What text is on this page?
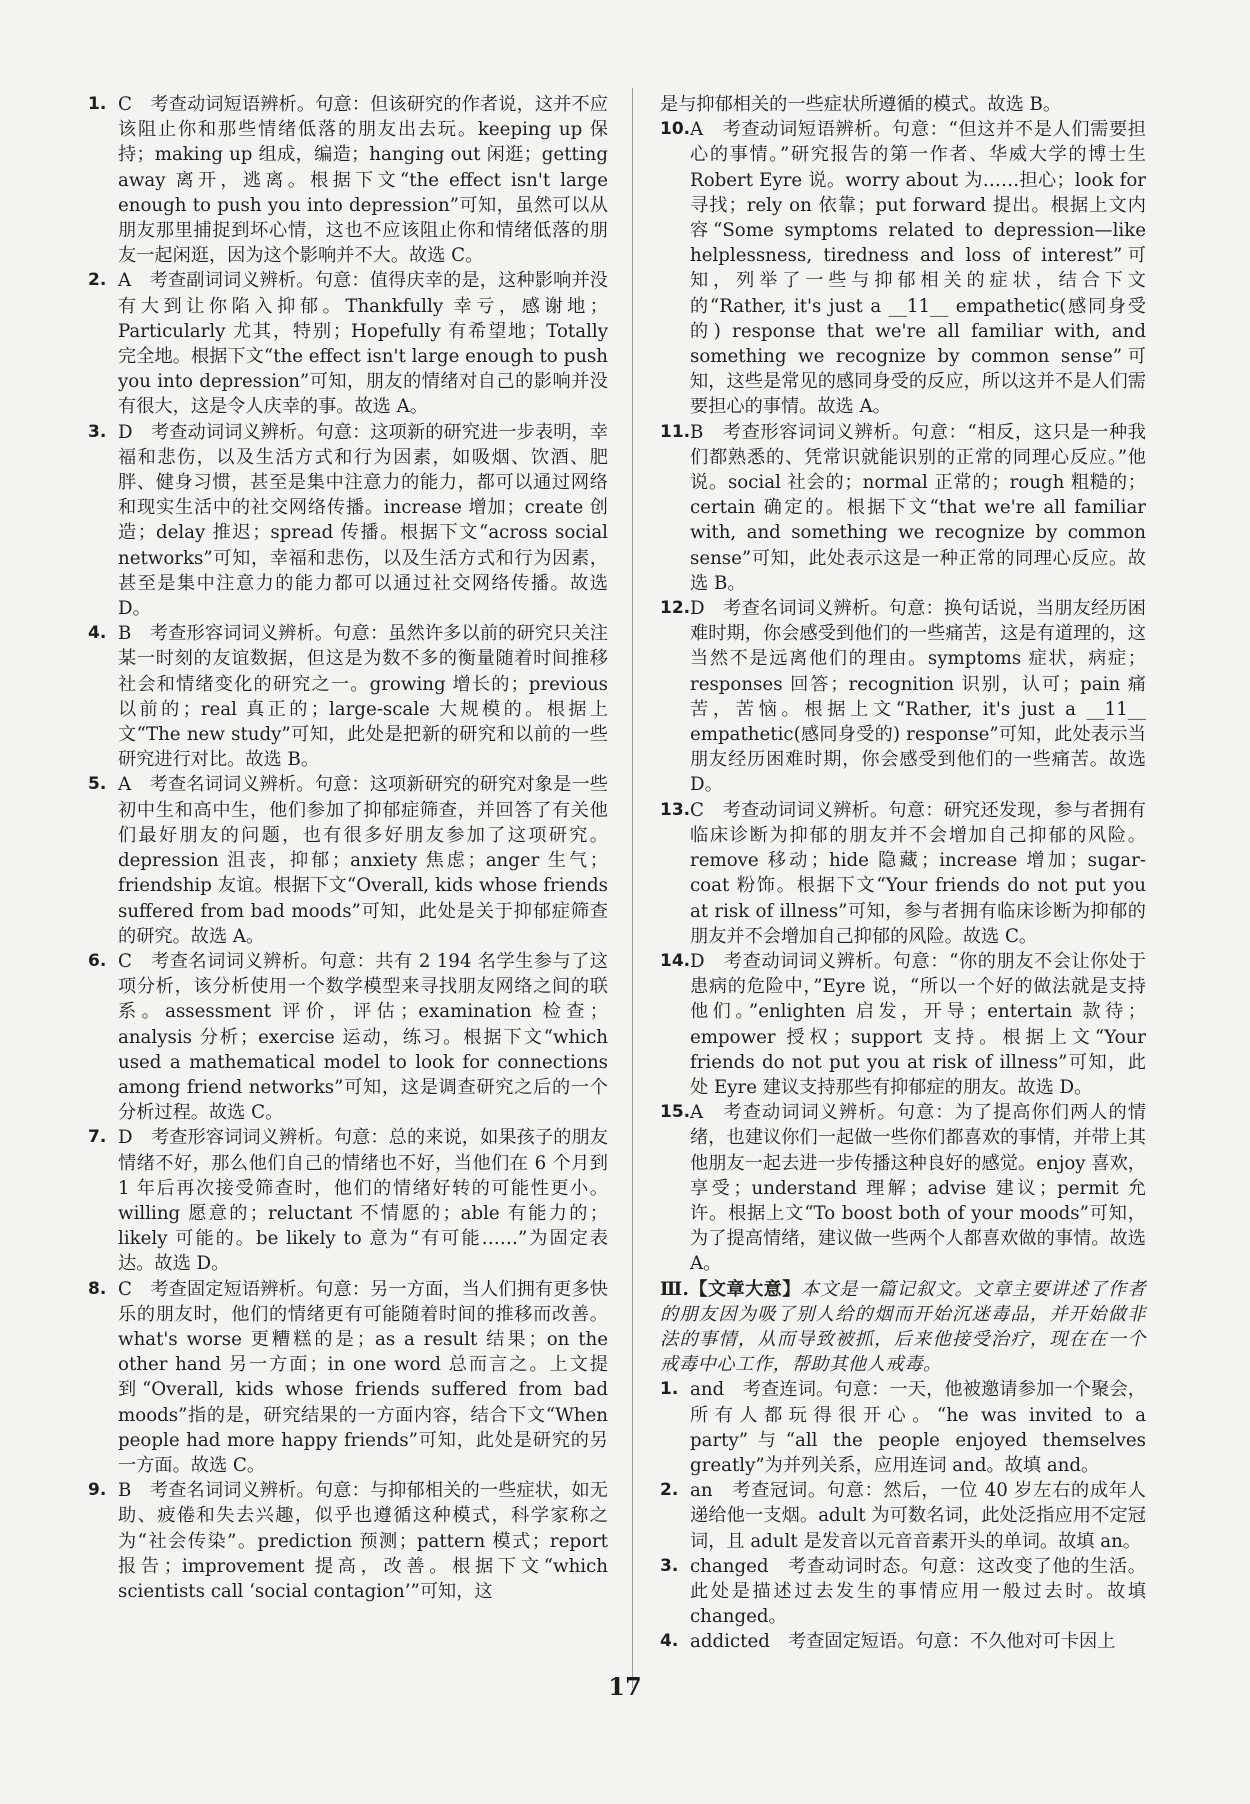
1. C　考查动词短语辨析。句意：但该研究的作者说，这并不应该阻止你和那些情绪低落的朋友出去玩。keeping up 保持；making up 组成，编造；hanging out 闲逛；getting away 离开，逃离。根据下文“the effect isn't large enough to push you into depression”可知，虽然可以从朋友那里捕捉到坏心情，这也不应该阻止你和情绪低落的朋友一起闲逛，因为这个影响并不大。故选 C。

2. A　考查副词词义辨析。句意：值得庆幸的是，这种影响并没有大到让你陷入抑郁。Thankfully 幸亏，感谢地；Particularly 尤其，特别；Hopefully 有希望地；Totally 完全地。根据下文“the effect isn't large enough to push you into depression”可知，朋友的情绪对自己的影响并没有很大，这是令人庆幸的事。故选 A。

3. D　考查动词词义辨析。句意：这项新的研究进一步表明，幸福和悲伤，以及生活方式和行为因素，如吸烟、饮酒、肥胖、健身习惯，甚至是集中注意力的能力，都可以通过网络和现实生活中的社交网络传播。increase 增加；create 创造；delay 推迟；spread 传播。根据下文“across social networks”可知，幸福和悲伤，以及生活方式和行为因素，甚至是集中注意力的能力都可以通过社交网络传播。故选 D。

4. B　考查形容词词义辨析。句意：虽然许多以前的研究只关注某一时刻的友谊数据，但这是为数不多的衡量随着时间推移社会和情绪变化的研究之一。growing 增长的；previous 以前的；real 真正的；large-scale 大规模的。根据上文“The new study”可知，此处是把新的研究和以前的一些研究进行对比。故选 B。

5. A　考查名词词义辨析。句意：这项新研究的研究对象是一些初中生和高中生，他们参加了抑郁症筛查，并回答了有关他们最好朋友的问题，也有很多好朋友参加了这项研究。depression 沮丧，抑郁；anxiety 焦虑；anger 生气；friendship 友谊。根据下文“Overall, kids whose friends suffered from bad moods”可知，此处是关于抑郁症筛查的研究。故选 A。

6. C　考查名词词义辨析。句意：共有 2 194 名学生参与了这项分析，该分析使用一个数学模型来寻找朋友网络之间的联系。assessment 评价，评估；examination 检查；analysis 分析；exercise 运动，练习。根据下文“which used a mathematical model to look for connections among friend networks”可知，这是调查研究之后的一个分析过程。故选 C。

7. D　考查形容词词义辨析。句意：总的来说，如果孩子的朋友情绪不好，那么他们自己的情绪也不好，当他们在 6 个月到 1 年后再次接受筛查时，他们的情绪好转的可能性更小。willing 愿意的；reluctant 不情愿的；able 有能力的；likely 可能的。be likely to 意为“有可能……”为固定表达。故选 D。

8. C　考查固定短语辨析。句意：另一方面，当人们拥有更多快乐的朋友时，他们的情绪更有可能随着时间的推移而改善。what's worse 更糟糕的是；as a result 结果；on the other hand 另一方面；in one word 总而言之。上文提到“Overall, kids whose friends suffered from bad moods”指的是，研究结果的一方面内容，结合下文“When people had more happy friends”可知，此处是研究的另一方面。故选 C。

9. B　考查名词词义辨析。句意：与抑郁相关的一些症状，如无助、疲倦和失去兴趣，似乎也遵循这种模式，科学家称之为“社会传染”。prediction 预测；pattern 模式；report 报告；improvement 提高，改善。根据下文“which scientists call ‘social contagion’”可知，这

是与抑郁相关的一些症状所遵循的模式。故选 B。

10. A　考查动词短语辨析。句意：“但这并不是人们需要担心的事情。”研究报告的第一作者、华威大学的博士生 Robert Eyre 说。worry about 为……担心；look for 寻找；rely on 依靠；put forward 提出。根据上文内容“Some symptoms related to depression—like helplessness, tiredness and loss of interest”可知，列举了一些与抑郁相关的症状，结合下文的“Rather, it's just a __11__ empathetic(感同身受的) response that we're all familiar with, and something we recognize by common sense”可知，这些是常见的感同身受的反应，所以这并不是人们需要担心的事情。故选 A。

11. B　考查形容词词义辨析。句意：“相反，这只是一种我们都熟悉的、凭常识就能识别的正常的同理心反应。”他说。social 社会的；normal 正常的；rough 粗糙的；certain 确定的。根据下文“that we're all familiar with, and something we recognize by common sense”可知，此处表示这是一种正常的同理心反应。故选 B。

12. D　考查名词词义辨析。句意：换句话说，当朋友经历困难时期，你会感受到他们的一些痛苦，这是有道理的，这当然不是远离他们的理由。symptoms 症状，病症；responses 回答；recognition 识别，认可；pain 痛苦，苦恼。根据上文“Rather, it's just a __11__ empathetic(感同身受的) response”可知，此处表示当朋友经历困难时期，你会感受到他们的一些痛苦。故选 D。

13. C　考查动词词义辨析。句意：研究还发现，参与者拥有临床诊断为抑郁的朋友并不会增加自己抑郁的风险。remove 移动；hide 隐藏；increase 增加；sugar-coat 粉饰。根据下文“Your friends do not put you at risk of illness”可知，参与者拥有临床诊断为抑郁的朋友并不会增加自己抑郁的风险。故选 C。

14. D　考查动词词义辨析。句意：“你的朋友不会让你处于患病的危险中，”Eyre 说，“所以一个好的做法就是支持他们。”enlighten 启发，开导；entertain 款待；empower 授权；support 支持。根据上文“Your friends do not put you at risk of illness”可知，此处 Eyre 建议支持那些有抑郁症的朋友。故选 D。

15. A　考查动词词义辨析。句意：为了提高你们两人的情绪，也建议你们一起做一些你们都喜欢的事情，并带上其他朋友一起去进一步传播这种良好的感觉。enjoy 喜欢，享受；understand 理解；advise 建议；permit 允许。根据上文“To boost both of your moods”可知，为了提高情绪，建议做一些两个人都喜欢做的事情。故选 A。

Ⅲ.【文章大意】本文是一篇记叙文。文章主要讲述了作者的朋友因为吸了别人给的烟而开始沉迷毒品，并开始做非法的事情，从而导致被抓，后来他接受治疗，现在在一个戒毒中心工作，帮助其他人戒毒。

1. and　考查连词。句意：一天，他被邀请参加一个聚会，所有人都玩得很开心。“he was invited to a party”与“all the people enjoyed themselves greatly”为并列关系，应用连词 and。故填 and。

2. an　考查冠词。句意：然后，一位 40 岁左右的成年人递给他一支烟。adult 为可数名词，此处泛指应用不定冠词，且 adult 是发音以元音音素开头的单词。故填 an。

3. changed　考查动词时态。句意：这改变了他的生活。此处是描述过去发生的事情应用一般过去时。故填 changed。

4. addicted　考查固定短语。句意：不久他对可卡因上

17
